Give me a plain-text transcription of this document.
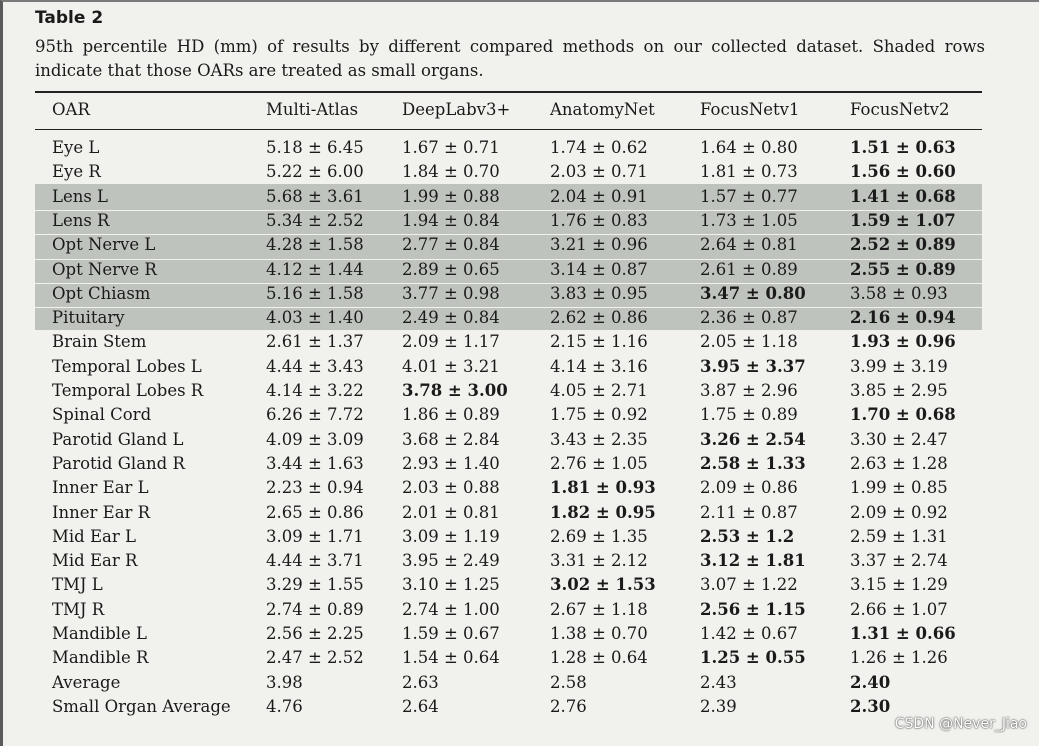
Table 2
95th percentile HD (mm) of results by different compared methods on our collected dataset. Shaded rows indicate that those OARs are treated as small organs.
OAR	Multi-Atlas	DeepLabv3+ AnatomyNet	FocusNetv1	FocusNetv2
Eye L	5.18 ± 6.45 1.67 ± 0.71	1.74 ± 0.62	1.64 ± 0.80	1.51 ± 0.63
Eye R	5.22 ± 6.00 1.84 ± 0.70	2.03 ± 0.71	1.81 ± 0.73	1.56 ± 0.60
Lens L	5.68 ± 3.61 1.99 ± 0.88	2.04 ± 0.91	1.57 ± 0.77	1.41 ± 0.68
Lens R	5.34 ± 2.52 1.94 ± 0.84	1.76 ± 0.83	1.73 ± 1.05	1.59 ± 1.07
Opt Nerve L	4.28 ± 1.58 2.77 ± 0.84	3.21 ± 0.96	2.64 ± 0.81	2.52 ± 0.89
Opt Nerve R	4.12 ± 1.44 2.89 ± 0.65	3.14 ± 0.87	2.61 ± 0.89	2.55 ± 0.89
Opt Chiasm	5.16 ± 1.58 3.77 ± 0.98	3.83 ± 0.95	3.47 ± 0.80	3.58 ± 0.93
Pituitary	4.03 ± 1.40 2.49 ± 0.84	2.62 ± 0.86	2.36 ± 0.87	2.16 ± 0.94
Brain Stem	2.61 ± 1.37 2.09 ± 1.17	2.15 ± 1.16	2.05 ± 1.18	1.93 ± 0.96
Temporal Lobes L	4.44 ± 3.43 4.01 ± 3.21	4.14 ± 3.16	3.95 ± 3.37	3.99 ± 3.19
Temporal Lobes R	4.14 ± 3.22 3.78 ± 3.00	4.05 ± 2.71	3.87 ± 2.96	3.85 ± 2.95
Spinal Cord	6.26 ± 7.72 1.86 ± 0.89	1.75 ± 0.92	1.75 ± 0.89	1.70 ± 0.68
Parotid Gland L	4.09 ± 3.09 3.68 ± 2.84	3.43 ± 2.35	3.26 ± 2.54	3.30 ± 2.47
Parotid Gland R	3.44 ± 1.63 2.93 ± 1.40	2.76 ± 1.05	2.58 ± 1.33	2.63 ± 1.28
Inner Ear L	2.23 ± 0.94 2.03 ± 0.88	1.81 ± 0.93	2.09 ± 0.86	1.99 ± 0.85
Inner Ear R	2.65 ± 0.86 2.01 ± 0.81	1.82 ± 0.95	2.11 ± 0.87	2.09 ± 0.92
Mid Ear L	3.09 ± 1.71 3.09 ± 1.19	2.69 ± 1.35	2.53 ± 1.2	2.59 ± 1.31
Mid Ear R	4.44 ± 3.71 3.95 ± 2.49	3.31 ± 2.12	3.12 ± 1.81	3.37 ± 2.74
TMJ L	3.29 ± 1.55 3.10 ± 1.25	3.02 ± 1.53	3.07 ± 1.22	3.15 ± 1.29
TMJ R	2.74 ± 0.89 2.74 ± 1.00	2.67 ± 1.18	2.56 ± 1.15	2.66 ± 1.07
Mandible L	2.56 ± 2.25 1.59 ± 0.67	1.38 ± 0.70	1.42 ± 0.67	1.31 ± 0.66
Mandible R	2.47 ± 2.52 1.54 ± 0.64	1.28 ± 0.64	1.25 ± 0.55	1.26 ± 1.26
Average	3.98	2.63	2.58	2.43	2.40
Small Organ Average 4.76	2.64	2.76	2.39	2.30
CSDN @Never_Jiao
